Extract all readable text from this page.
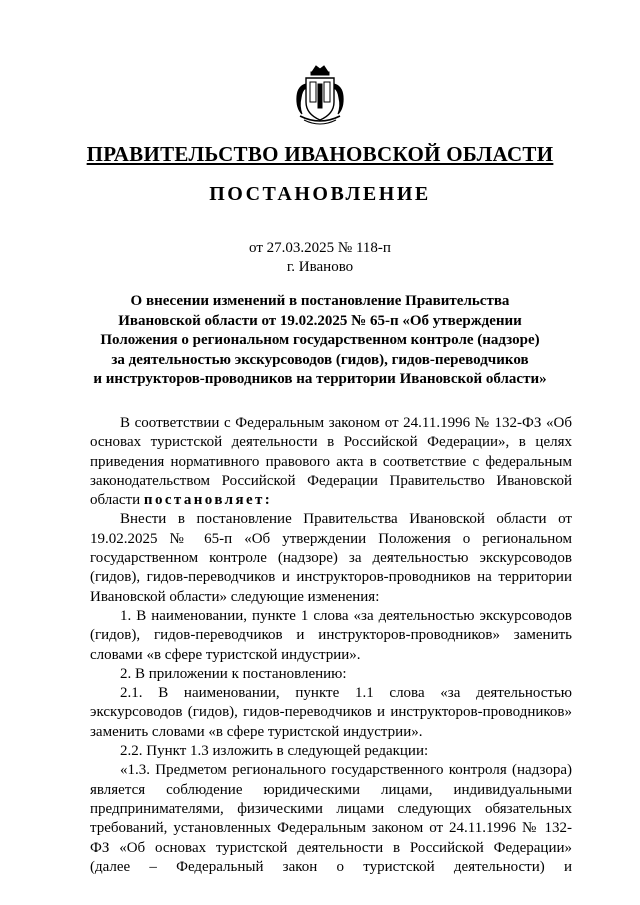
ПРАВИТЕЛЬСТВО ИВАНОВСКОЙ ОБЛАСТИ
ПОСТАНОВЛЕНИЕ
от 27.03.2025 № 118-п
г. Иваново
О внесении изменений в постановление Правительства
Ивановской области от 19.02.2025 № 65-п «Об утверждении
Положения о региональном государственном контроле (надзоре)
за деятельностью экскурсоводов (гидов), гидов-переводчиков
и инструкторов-проводников на территории Ивановской области»

В соответствии с Федеральным законом от 24.11.1996 № 132-ФЗ «Об основах туристской деятельности в Российской Федерации», в целях приведения нормативного правового акта в соответствие с федеральным законодательством Российской Федерации Правительство Ивановской области постановляет:

Внести в постановление Правительства Ивановской области от 19.02.2025 № 65-п «Об утверждении Положения о региональном государственном контроле (надзоре) за деятельностью экскурсоводов (гидов), гидов-переводчиков и инструкторов-проводников на территории Ивановской области» следующие изменения:

1. В наименовании, пункте 1 слова «за деятельностью экскурсоводов (гидов), гидов-переводчиков и инструкторов-проводников» заменить словами «в сфере туристской индустрии».

2. В приложении к постановлению:

2.1. В наименовании, пункте 1.1 слова «за деятельностью экскурсоводов (гидов), гидов-переводчиков и инструкторов-проводников» заменить словами «в сфере туристской индустрии».

2.2. Пункт 1.3 изложить в следующей редакции:

«1.3. Предметом регионального государственного контроля (надзора) является соблюдение юридическими лицами, индивидуальными предпринимателями, физическими лицами следующих обязательных требований, установленных Федеральным законом от 24.11.1996 № 132-ФЗ «Об основах туристской деятельности в Российской Федерации» (далее – Федеральный закон о туристской деятельности) и
